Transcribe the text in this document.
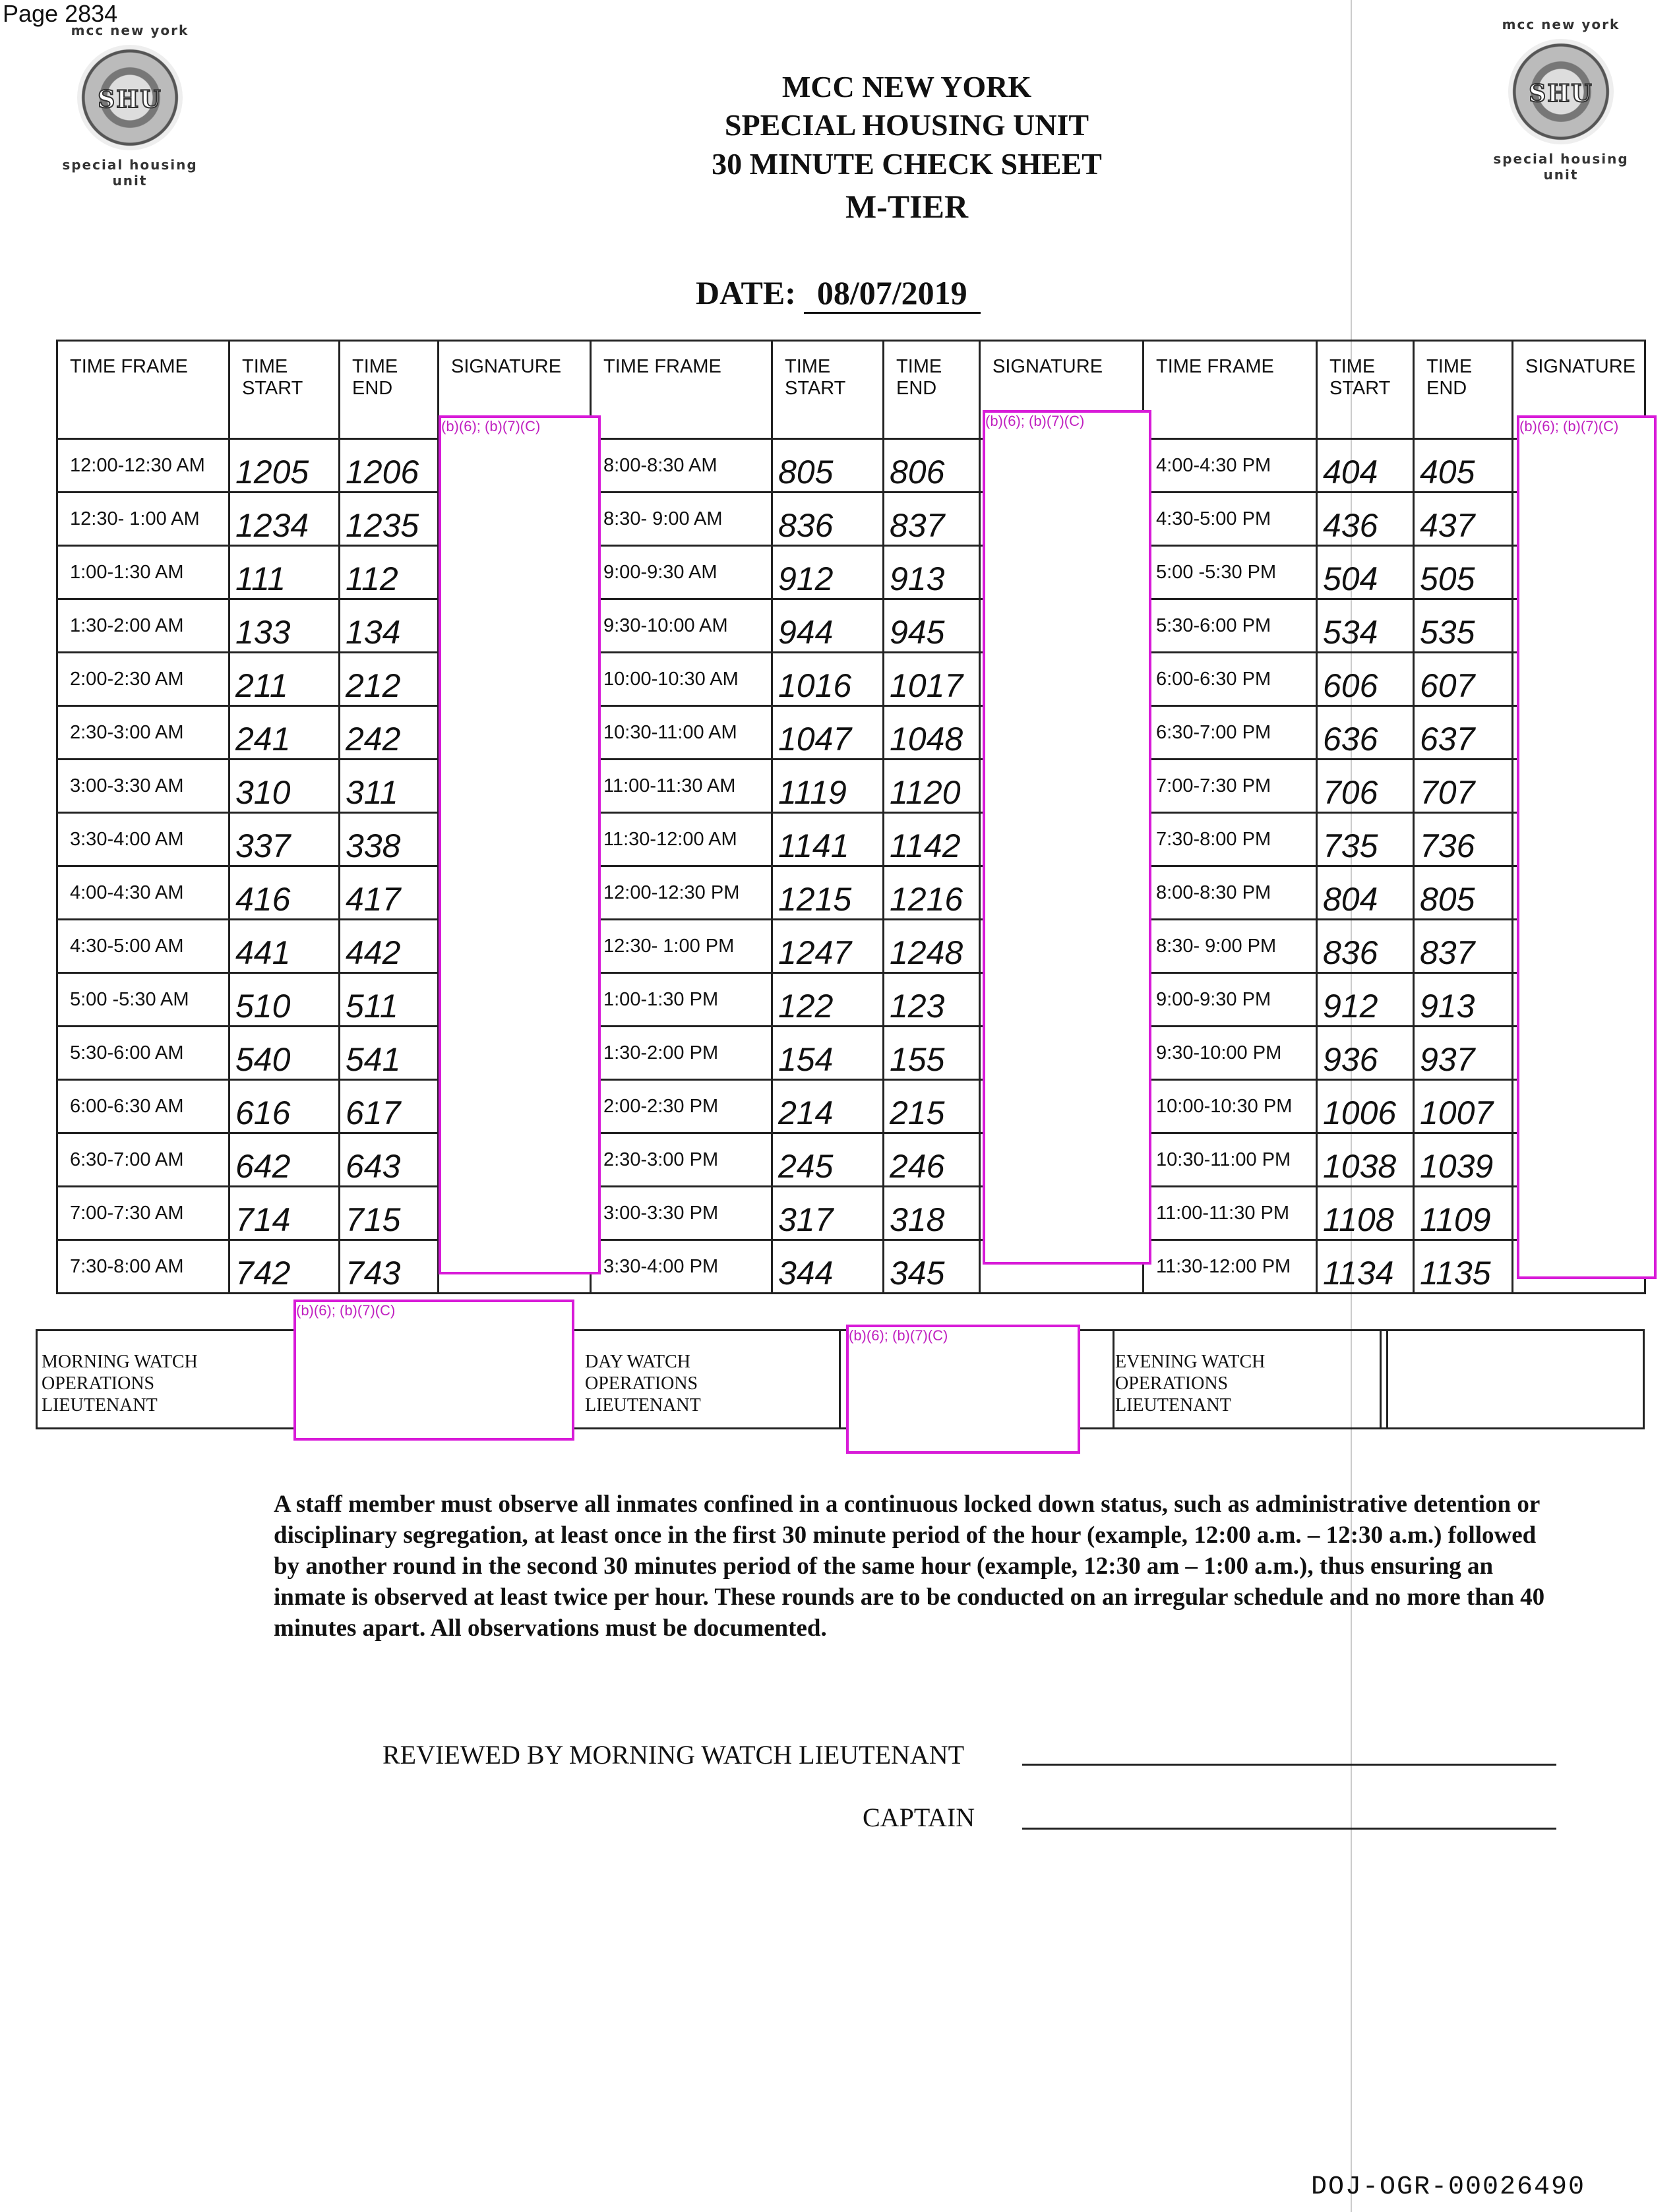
Page 2834
mcc new york
SHU
special housing unit
mcc new york
SHU
special housing unit
MCC NEW YORK
SPECIAL HOUSING UNIT
30 MINUTE CHECK SHEET
M-TIER
DATE: 08/07/2019
TIME FRAME	TIME START	TIME END	SIGNATURE	TIME FRAME	TIME START	TIME END	SIGNATURE	TIME FRAME	TIME START	TIME END	SIGNATURE
12:00-12:30 AM	1205	1206		8:00-8:30 AM	805	806		4:00-4:30 PM	404	405	
12:30- 1:00 AM	1234	1235		8:30- 9:00 AM	836	837		4:30-5:00 PM	436	437	
1:00-1:30 AM	111	112		9:00-9:30 AM	912	913		5:00 -5:30 PM	504	505	
1:30-2:00 AM	133	134		9:30-10:00 AM	944	945		5:30-6:00 PM	534	535	
2:00-2:30 AM	211	212		10:00-10:30 AM	1016	1017		6:00-6:30 PM	606	607	
2:30-3:00 AM	241	242		10:30-11:00 AM	1047	1048		6:30-7:00 PM	636	637	
3:00-3:30 AM	310	311		11:00-11:30 AM	1119	1120		7:00-7:30 PM	706	707	
3:30-4:00 AM	337	338		11:30-12:00 AM	1141	1142		7:30-8:00 PM	735	736	
4:00-4:30 AM	416	417		12:00-12:30 PM	1215	1216		8:00-8:30 PM	804	805	
4:30-5:00 AM	441	442		12:30- 1:00 PM	1247	1248		8:30- 9:00 PM	836	837	
5:00 -5:30 AM	510	511		1:00-1:30 PM	122	123		9:00-9:30 PM	912	913	
5:30-6:00 AM	540	541		1:30-2:00 PM	154	155		9:30-10:00 PM	936	937	
6:00-6:30 AM	616	617		2:00-2:30 PM	214	215		10:00-10:30 PM	1006	1007	
6:30-7:00 AM	642	643		2:30-3:00 PM	245	246		10:30-11:00 PM	1038	1039	
7:00-7:30 AM	714	715		3:00-3:30 PM	317	318		11:00-11:30 PM	1108	1109	
7:30-8:00 AM	742	743		3:30-4:00 PM	344	345		11:30-12:00 PM	1134	1135	
(b)(6); (b)(7)(C)	(b)(6); (b)(7)(C)	(b)(6); (b)(7)(C)
MORNING WATCH OPERATIONS LIEUTENANT
DAY WATCH OPERATIONS LIEUTENANT
EVENING WATCH OPERATIONS LIEUTENANT
(b)(6); (b)(7)(C)
(b)(6); (b)(7)(C)
A staff member must observe all inmates confined in a continuous locked down status, such as administrative detention or disciplinary segregation, at least once in the first 30 minute period of the hour (example, 12:00 a.m. – 12:30 a.m.) followed by another round in the second 30 minutes period of the same hour (example, 12:30 am – 1:00 a.m.), thus ensuring an inmate is observed at least twice per hour. These rounds are to be conducted on an irregular schedule and no more than 40 minutes apart. All observations must be documented.
REVIEWED BY MORNING WATCH LIEUTENANT
CAPTAIN
DOJ-OGR-00026490
